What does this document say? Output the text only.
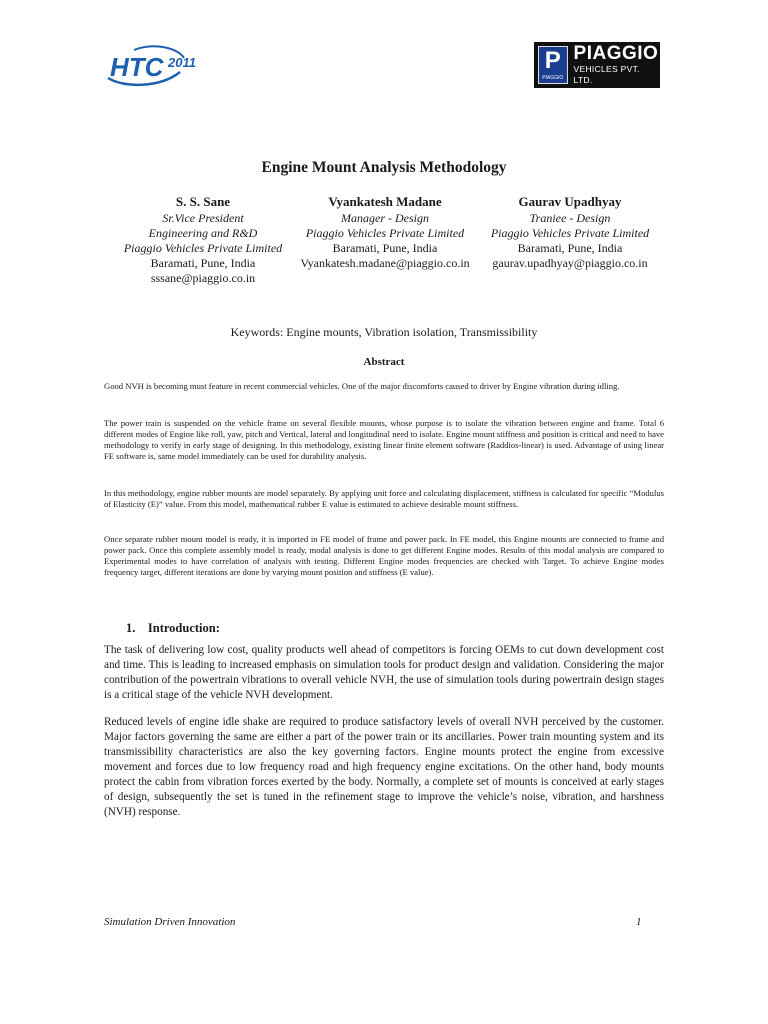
HTC 2011	P
PIAGGIO
PIAGGIO
VEHICLES PVT. LTD.
Engine Mount Analysis Methodology
S. S. Sane
Sr.Vice President
Engineering and R&D
Piaggio Vehicles Private Limited
Baramati, Pune, India
sssane@piaggio.co.in
Vyankatesh Madane
Manager - Design
Piaggio Vehicles Private Limited
Baramati, Pune, India
Vyankatesh.madane@piaggio.co.in
Gaurav Upadhyay
Traniee - Design
Piaggio Vehicles Private Limited
Baramati, Pune, India
gaurav.upadhyay@piaggio.co.in
Keywords: Engine mounts, Vibration isolation, Transmissibility
Abstract

Good NVH is becoming must feature in recent commercial vehicles. One of the major discomforts caused to driver by Engine vibration during idling.

The power train is suspended on the vehicle frame on several flexible mounts, whose purpose is to isolate the vibration between engine and frame. Total 6 different modes of Engine like roll, yaw, pitch and Vertical, lateral and longitudinal need to isolate. Engine mount stiffness and position is critical and need to have methodology to verify in early stage of designing. In this methodology, existing linear finite element software (Raddios-linear) is used. Advantage of using linear FE software is, same model immediately can be used for durability analysis.

In this methodology, engine rubber mounts are model separately. By applying unit force and calculating displacement, stiffness is calculated for specific “Modulus of Elasticity (E)” value. From this model, mathematical rubber E value is estimated to achieve desirable mount stiffness.

Once separate rubber mount model is ready, it is imported in FE model of frame and power pack. In FE model, this Engine mounts are connected to frame and power pack. Once this complete assembly model is ready, modal analysis is done to get different Engine modes. Results of this modal analysis are compared to Experimental modes to have correlation of analysis with testing. Different Engine modes frequencies are checked with Target. To achieve Engine modes frequency target, different iterations are done by varying mount position and stiffness (E value).

1.    Introduction:

The task of delivering low cost, quality products well ahead of competitors is forcing OEMs to cut down development cost and time. This is leading to increased emphasis on simulation tools for product design and validation. Considering the major contribution of the powertrain vibrations to overall vehicle NVH, the use of simulation tools during powertrain design stages is a critical stage of the vehicle NVH development.

Reduced levels of engine idle shake are required to produce satisfactory levels of overall NVH perceived by the customer. Major factors governing the same are either a part of the power train or its ancillaries. Power train mounting system and its transmissibility characteristics are also the key governing factors. Engine mounts protect the engine from excessive movement and forces due to low frequency road and high frequency engine excitations. On the other hand, body mounts protect the cabin from vibration forces exerted by the body. Normally, a complete set of mounts is conceived at early stages of design, subsequently the set is tuned in the refinement stage to improve the vehicle’s noise, vibration, and harshness (NVH) response.

Simulation Driven Innovation	1
